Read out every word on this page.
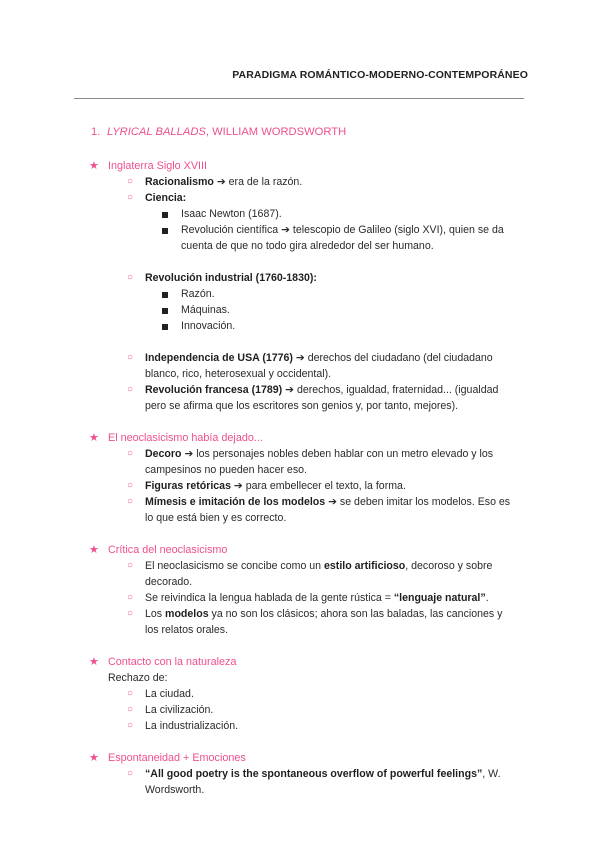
PARADIGMA ROMÁNTICO-MODERNO-CONTEMPORÁNEO
1. LYRICAL BALLADS, WILLIAM WORDSWORTH
★ Inglaterra Siglo XVIII
○ Racionalismo ➔ era de la razón.
○ Ciencia:
Isaac Newton (1687).
Revolución científica ➔ telescopio de Galileo (siglo XVI), quien se da cuenta de que no todo gira alrededor del ser humano.
○ Revolución industrial (1760-1830):
Razón.
Máquinas.
Innovación.
○ Independencia de USA (1776) ➔ derechos del ciudadano (del ciudadano blanco, rico, heterosexual y occidental).
○ Revolución francesa (1789) ➔ derechos, igualdad, fraternidad... (igualdad pero se afirma que los escritores son genios y, por tanto, mejores).
★ El neoclasicismo había dejado...
○ Decoro ➔ los personajes nobles deben hablar con un metro elevado y los campesinos no pueden hacer eso.
○ Figuras retóricas ➔ para embellecer el texto, la forma.
○ Mímesis e imitación de los modelos ➔ se deben imitar los modelos. Eso es lo que está bien y es correcto.
★ Crítica del neoclasicismo
○ El neoclasicismo se concibe como un estilo artificioso, decoroso y sobre decorado.
○ Se reivindica la lengua hablada de la gente rústica = “lenguaje natural”.
○ Los modelos ya no son los clásicos; ahora son las baladas, las canciones y los relatos orales.
★ Contacto con la naturaleza
Rechazo de:
○ La ciudad.
○ La civilización.
○ La industrialización.
★ Espontaneidad + Emociones
○ “All good poetry is the spontaneous overflow of powerful feelings”, W. Wordsworth.
